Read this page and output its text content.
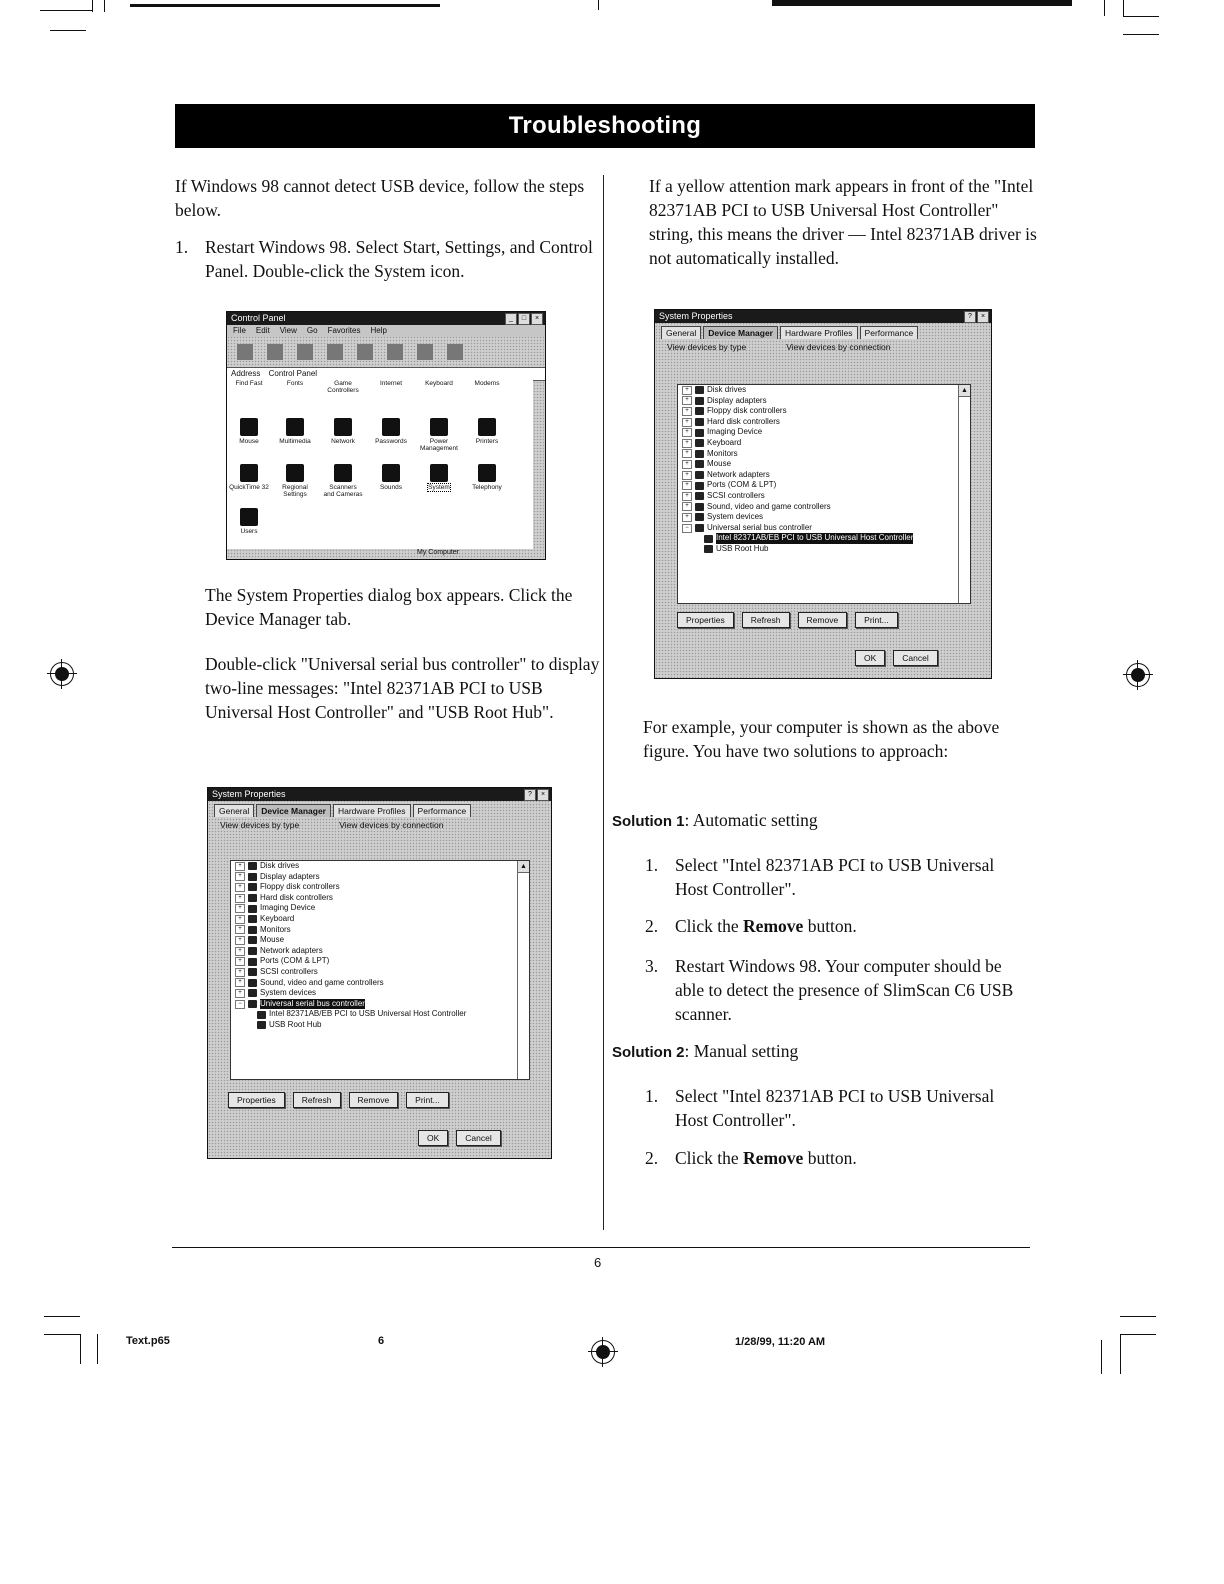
Troubleshooting

If Windows 98 cannot detect USB device, follow the steps below.

1. Restart Windows 98. Select Start, Settings, and Control Panel. Double-click the System icon.
Control Panel	_	□	×
File Edit View Go Favorites Help
Address Control Panel
Find Fast	Fonts	Game Controllers
Internet	Keyboard	Modems
Mouse	Multimedia	Network	Passwords	Power Management
Printers
QuickTime 32	Regional Settings
Scanners and Cameras
Sounds	System	Telephony
Users
My Computer

The System Properties dialog box appears. Click the Device Manager tab.

Double-click "Universal serial bus controller" to display two-line messages: "Intel 82371AB PCI to USB Universal Host Controller" and "USB Root Hub".

System Properties	?	×
General	Device Manager	Hardware Profiles	Performance
View devices by type	View devices by connection
+	Disk drives
+	Display adapters
+	Floppy disk controllers
+	Hard disk controllers
+	Imaging Device
+	Keyboard
+	Monitors
+	Mouse
+	Network adapters
+	Ports (COM & LPT)
+	SCSI controllers
+	Sound, video and game controllers
+	System devices
−	Universal serial bus controller
Intel 82371AB/EB PCI to USB Universal Host Controller
USB Root Hub
▲
Properties	Refresh	Remove	Print...
OK	Cancel

If a yellow attention mark appears in front of the "Intel 82371AB PCI to USB Universal Host Controller" string, this means the driver — Intel 82371AB driver is not automatically installed.

System Properties	?	×
General	Device Manager	Hardware Profiles	Performance
View devices by type	View devices by connection
+	Disk drives
+	Display adapters
+	Floppy disk controllers
+	Hard disk controllers
+	Imaging Device
+	Keyboard
+	Monitors
+	Mouse
+	Network adapters
+	Ports (COM & LPT)
+	SCSI controllers
+	Sound, video and game controllers
+	System devices
−	Universal serial bus controller
Intel 82371AB/EB PCI to USB Universal Host Controller
USB Root Hub
▲
Properties	Refresh	Remove	Print...
OK	Cancel

For example, your computer is shown as the above figure. You have two solutions to approach:

Solution 1: Automatic setting
1. Select "Intel 82371AB PCI to USB Universal Host Controller".
2. Click the Remove button.
3. Restart Windows 98. Your computer should be able to detect the presence of SlimScan C6 USB scanner.
Solution 2: Manual setting
1. Select "Intel 82371AB PCI to USB Universal Host Controller".
2. Click the Remove button.
6
Text.p65	6	1/28/99, 11:20 AM
